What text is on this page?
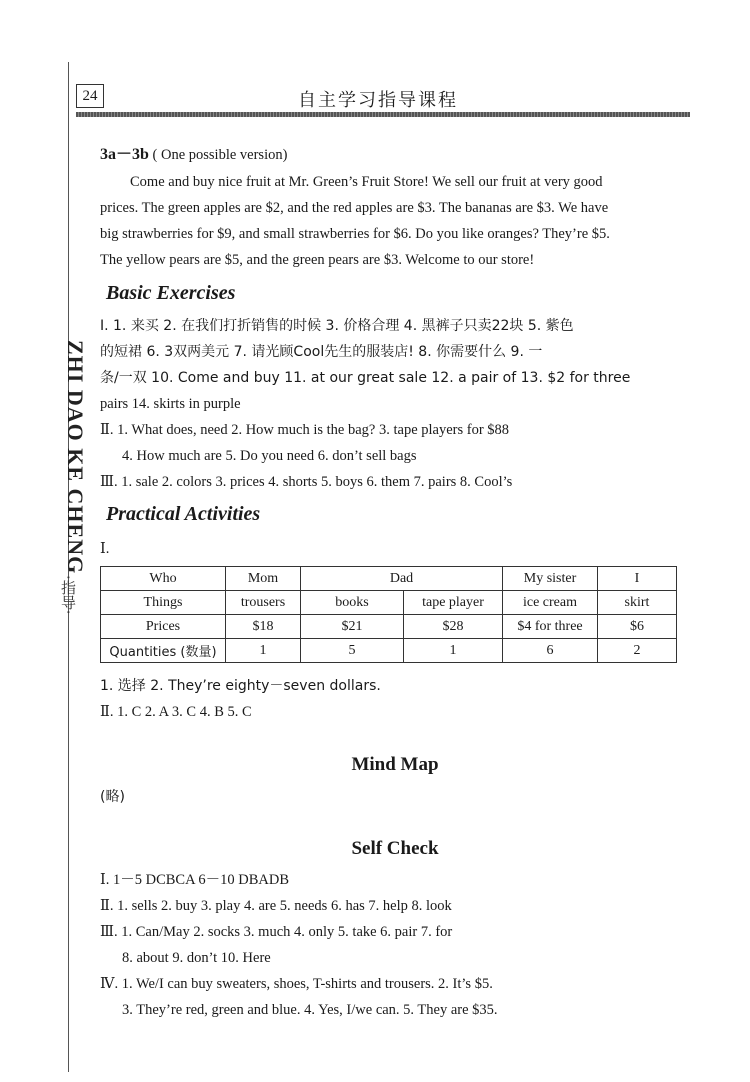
ZHI DAO KE CHENG
·指导·
24	自主学习指导课程
3a－3b ( One possible version)
Come and buy nice fruit at Mr. Green’s Fruit Store! We sell our fruit at very good
prices. The green apples are $2, and the red apples are $3. The bananas are $3. We have
big strawberries for $9, and small strawberries for $6. Do you like oranges? They’re $5.
The yellow pears are $5, and the green pears are $3. Welcome to our store!
Basic Exercises
Ⅰ. 1. 来买 2. 在我们打折销售的时候 3. 价格合理 4. 黑裤子只卖22块 5. 紫色
的短裙 6. 3双两美元 7. 请光顾Cool先生的服装店! 8. 你需要什么 9. 一
条/一双 10. Come and buy 11. at our great sale 12. a pair of 13. $2 for three
pairs 14. skirts in purple
Ⅱ. 1. What does, need 2. How much is the bag? 3. tape players for $88
4. How much are 5. Do you need 6. don’t sell bags
Ⅲ. 1. sale 2. colors 3. prices 4. shorts 5. boys 6. them 7. pairs 8. Cool’s
Practical Activities
Ⅰ.
Who	Mom	Dad		My sister	I
Things	trousers	books	tape player	ice cream	skirt
Prices	$18	$21	$28	$4 for three	$6
Quantities (数量)	1	5	1	6	2
1. 选择 2. They’re eighty－seven dollars.
Ⅱ. 1. C 2. A 3. C 4. B 5. C
Mind Map
(略)
Self Check
Ⅰ. 1－5 DCBCA 6－10 DBADB
Ⅱ. 1. sells 2. buy 3. play 4. are 5. needs 6. has 7. help 8. look
Ⅲ. 1. Can/May 2. socks 3. much 4. only 5. take 6. pair 7. for
8. about 9. don’t 10. Here
Ⅳ. 1. We/I can buy sweaters, shoes, T-shirts and trousers. 2. It’s $5.
3. They’re red, green and blue. 4. Yes, I/we can. 5. They are $35.
